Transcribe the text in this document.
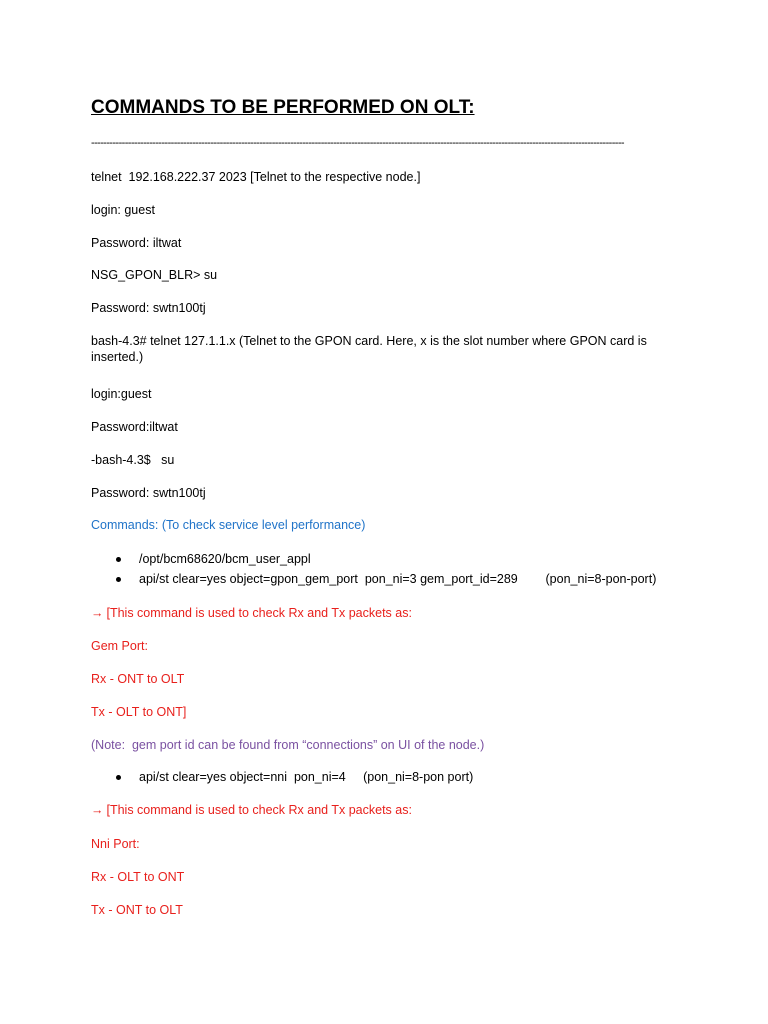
COMMANDS TO BE PERFORMED ON OLT:
------------------------------------------------------------------------------------------------------------------------------------------------------------------------------
telnet  192.168.222.37 2023 [Telnet to the respective node.]
login: guest
Password: iltwat
NSG_GPON_BLR> su
Password: swtn100tj
bash-4.3# telnet 127.1.1.x (Telnet to the GPON card. Here, x is the slot number where GPON card is inserted.)
login:guest
Password:iltwat
-bash-4.3$   su
Password: swtn100tj
Commands: (To check service level performance)

/opt/bcm68620/bcm_user_appl

api/st clear=yes object=gpon_gem_port  pon_ni=3 gem_port_id=289        (pon_ni=8-pon-port)

→ [This command is used to check Rx and Tx packets as:
Gem Port:
Rx - ONT to OLT
Tx - OLT to ONT]
(Note:  gem port id can be found from “connections” on UI of the node.)

api/st clear=yes object=nni  pon_ni=4     (pon_ni=8-pon port)

→ [This command is used to check Rx and Tx packets as:
Nni Port:
Rx - OLT to ONT
Tx - ONT to OLT
